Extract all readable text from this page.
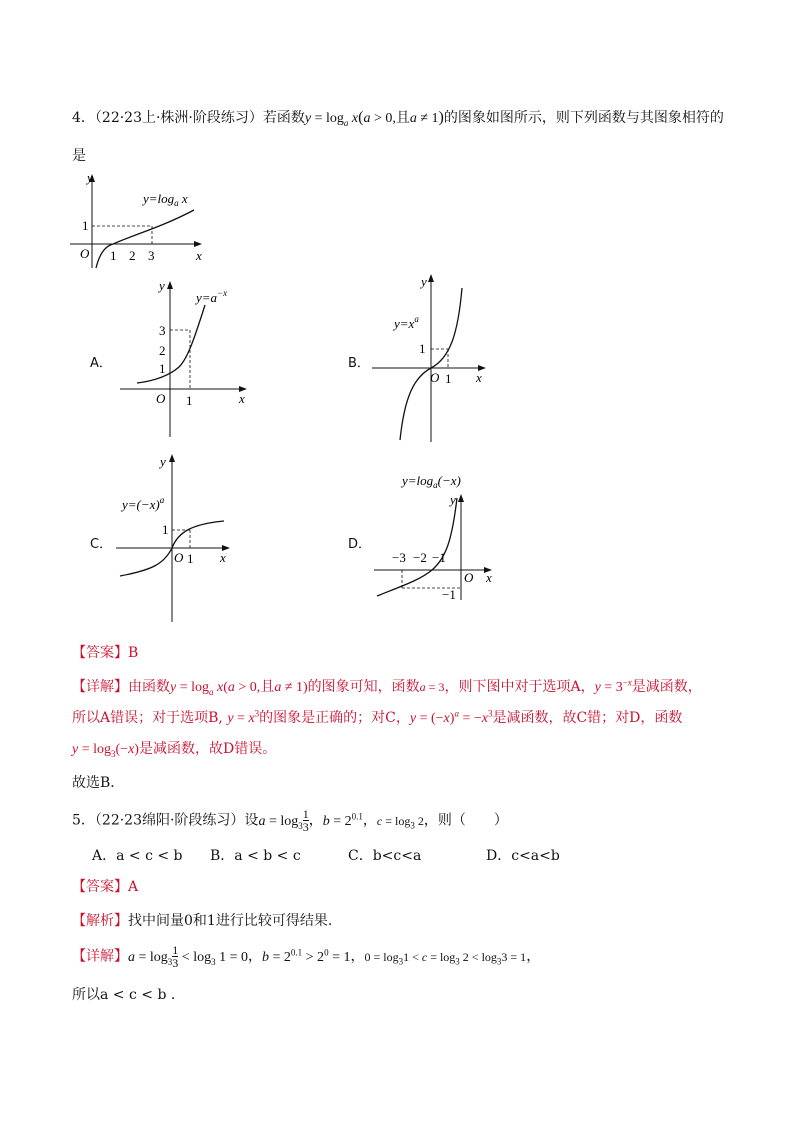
4．（22·23上·株洲·阶段练习）若函数$y = \log_a x(a > 0$,且a ≠ 1)的图象如图所示，则下列函数与其图象相符的
是
y
x
O
1
1 2 3
$y=\log_a$ x
A．
y
x
O
3
2
1
1
$y=a^{-x}$
B．
y
x
O
1
1
$y=x^a$
C．
y
x
O
1
1
$y=(-x)^a$
D．
y
x
O
−3 −2 −1
−1
$y=\log_a(-x)$
【答案】B
【详解】由函数$y = \log_a x(a > 0$,且a ≠ 1)的图象可知，函数a = 3，则下图中对于选项A，$y = 3^{-x}$是减函数，
所以A错误；对于选项B, $y = x^3$的图象是正确的；对C，$y = (-x)^a = -x^3$是减函数，故C错；对D，函数
$y = \log_3(-x)$是减函数，故D错误。
故选B．
5．（22·23绵阳·阶段练习）设$a = \log_3 \frac{1}{3}$ ，$b = 2^{0.1}$，$c = \log_3 2$，则（　　）
A．a < c < b B．a < b < c	C．b<c<a	D．c<a<b
【答案】A
【解析】找中间量0和1进行比较可得结果.
【详解】$a = \log_3 \frac{1}{3} < \log_3 1 = 0$，$b = 2^{0.1} > 2^0 = 1$，$0 = \log_31 < c = \log_3 2 < \log_33 = 1$，
所以a < c < b .
